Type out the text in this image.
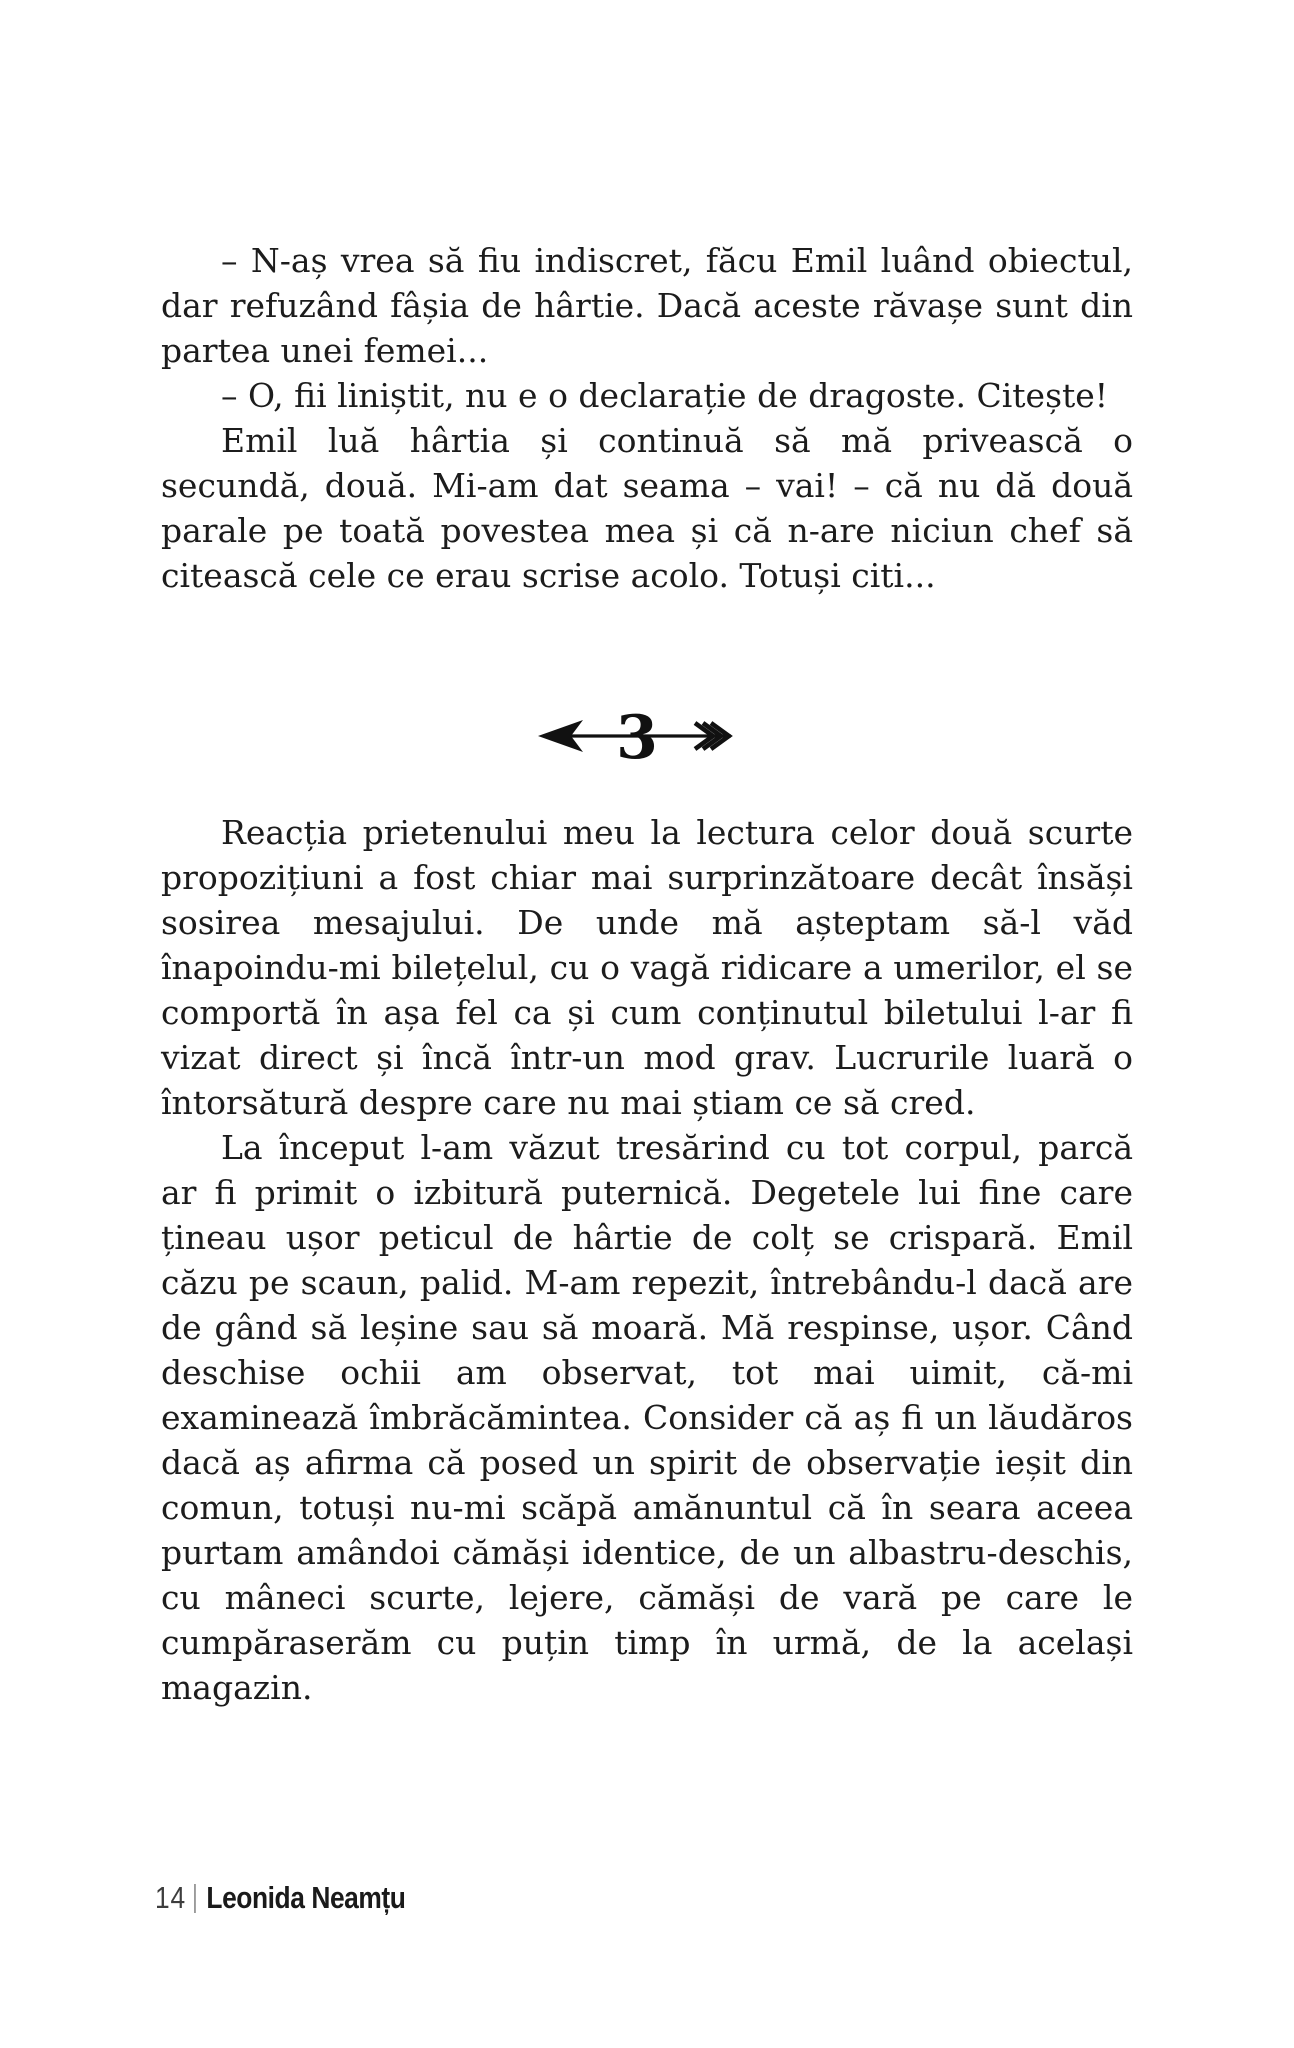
– N-aș vrea să fiu indiscret, făcu Emil luând obiectul, dar refuzând fâșia de hârtie. Dacă aceste răvașe sunt din partea unei femei...

– O, fii liniștit, nu e o declarație de dragoste. Citește!

Emil luă hârtia și continuă să mă privească o secundă, două. Mi-am dat seama – vai! – că nu dă două parale pe toată povestea mea și că n-are niciun chef să citească cele ce erau scrise acolo. Totuși citi...

3

Reacția prietenului meu la lectura celor două scurte propozițiuni a fost chiar mai surprinzătoare decât însăși sosirea mesajului. De unde mă așteptam să-l văd înapoindu-mi bilețelul, cu o vagă ridicare a umerilor, el se comportă în așa fel ca și cum conținutul biletului l-ar fi vizat direct și încă într-un mod grav. Lucrurile luară o întorsătură despre care nu mai știam ce să cred.

La început l-am văzut tresărind cu tot corpul, parcă ar fi primit o izbitură puternică. Degetele lui fine care țineau ușor peticul de hârtie de colț se crispară. Emil căzu pe scaun, palid. M-am repezit, întrebându-l dacă are de gând să leșine sau să moară. Mă respinse, ușor. Când deschise ochii am observat, tot mai uimit, că-mi examinează îmbrăcămintea. Consider că aș fi un lăudăros dacă aș afirma că posed un spirit de observație ieșit din comun, totuși nu-mi scăpă amănuntul că în seara aceea purtam amândoi cămăși identice, de un albastru-deschis, cu mâneci scurte, lejere, cămăși de vară pe care le cumpăraserăm cu puțin timp în urmă, de la același magazin.

14 Leonida Neamțu
